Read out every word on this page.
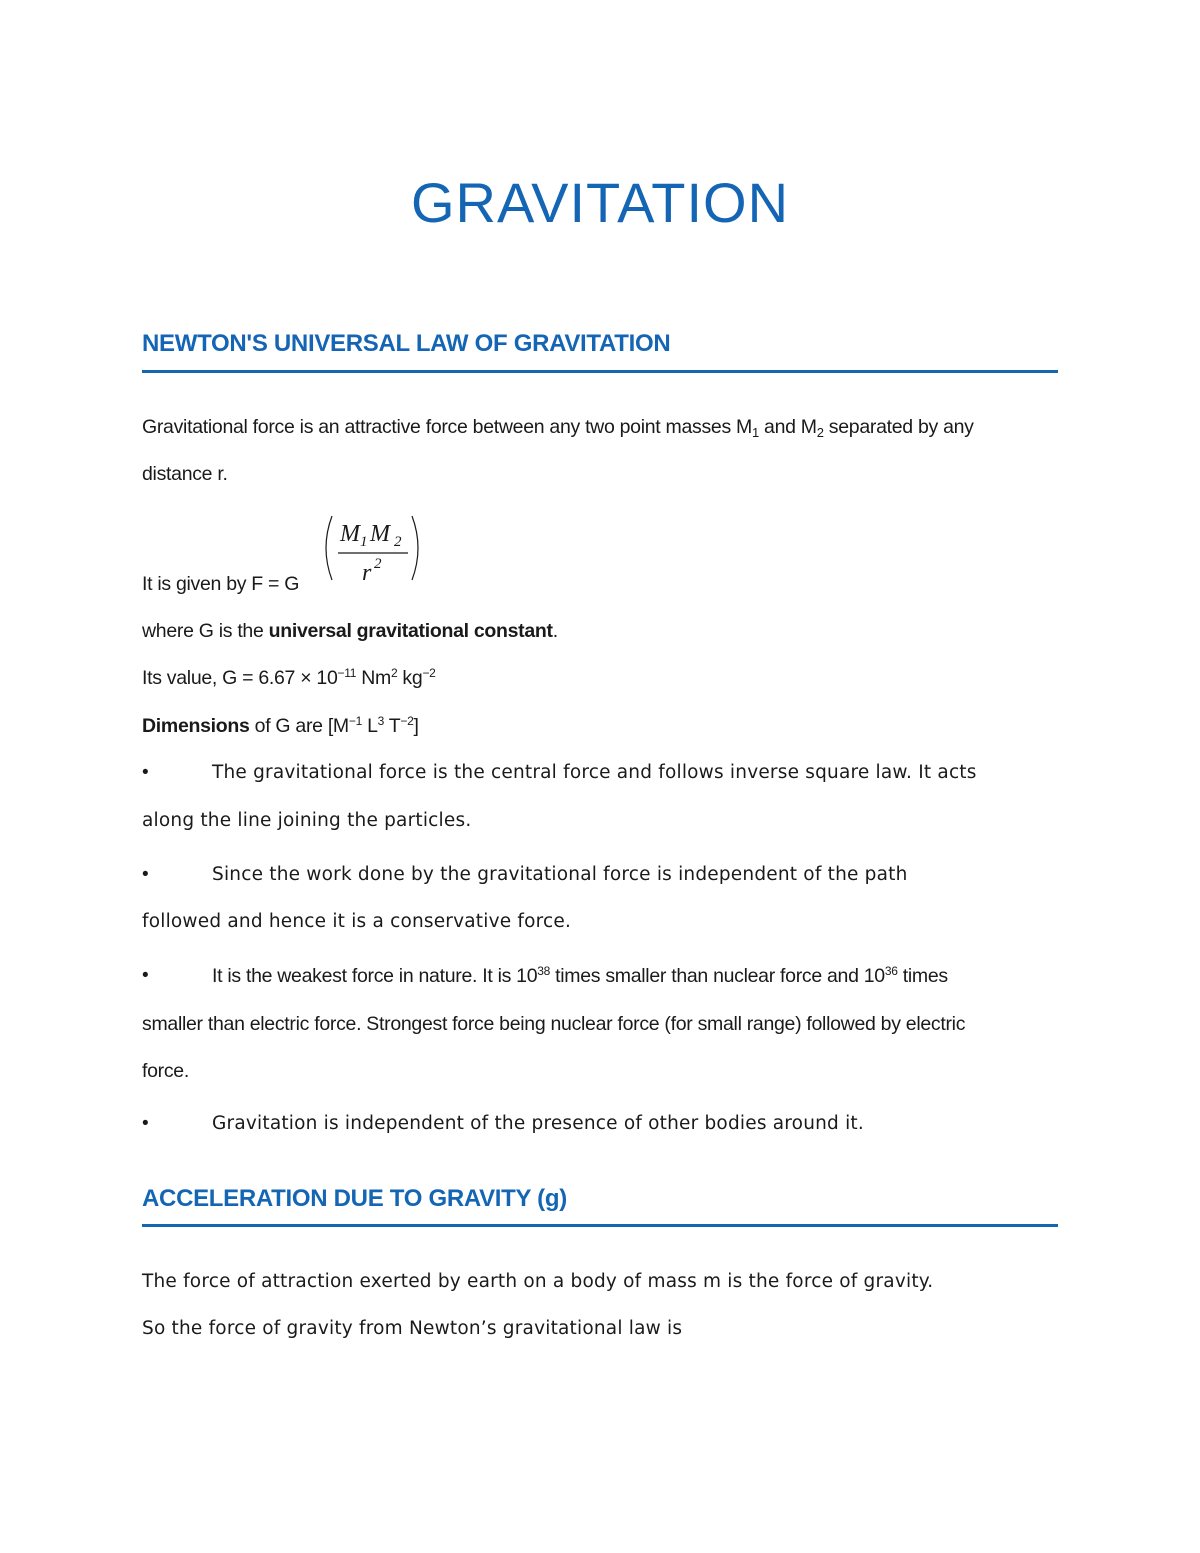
GRAVITATION
NEWTON'S UNIVERSAL LAW OF GRAVITATION
Gravitational force is an attractive force between any two point masses $M_1$ and $M_2$ separated by any
distance r.
It is given by F = G
M 1 M 2
r 2
where G is the universal gravitational constant.
Its value, $G = 6.67 \times 10^{-11}$ Nm$^2$ $kg^{-2}$
Dimensions of G are [$M^{-1}$ $L^3$ $T^{-2}$]
•	The gravitational force is the central force and follows inverse square law. It acts
along the line joining the particles.
•	Since the work done by the gravitational force is independent of the path
followed and hence it is a conservative force.
•	It is the weakest force in nature. It is $10^{38}$ times smaller than nuclear force and $10^{36}$ times
smaller than electric force. Strongest force being nuclear force (for small range) followed by electric
force.
•	Gravitation is independent of the presence of other bodies around it.
ACCELERATION DUE TO GRAVITY (g)
The force of attraction exerted by earth on a body of mass m is the force of gravity.
So the force of gravity from Newton’s gravitational law is
